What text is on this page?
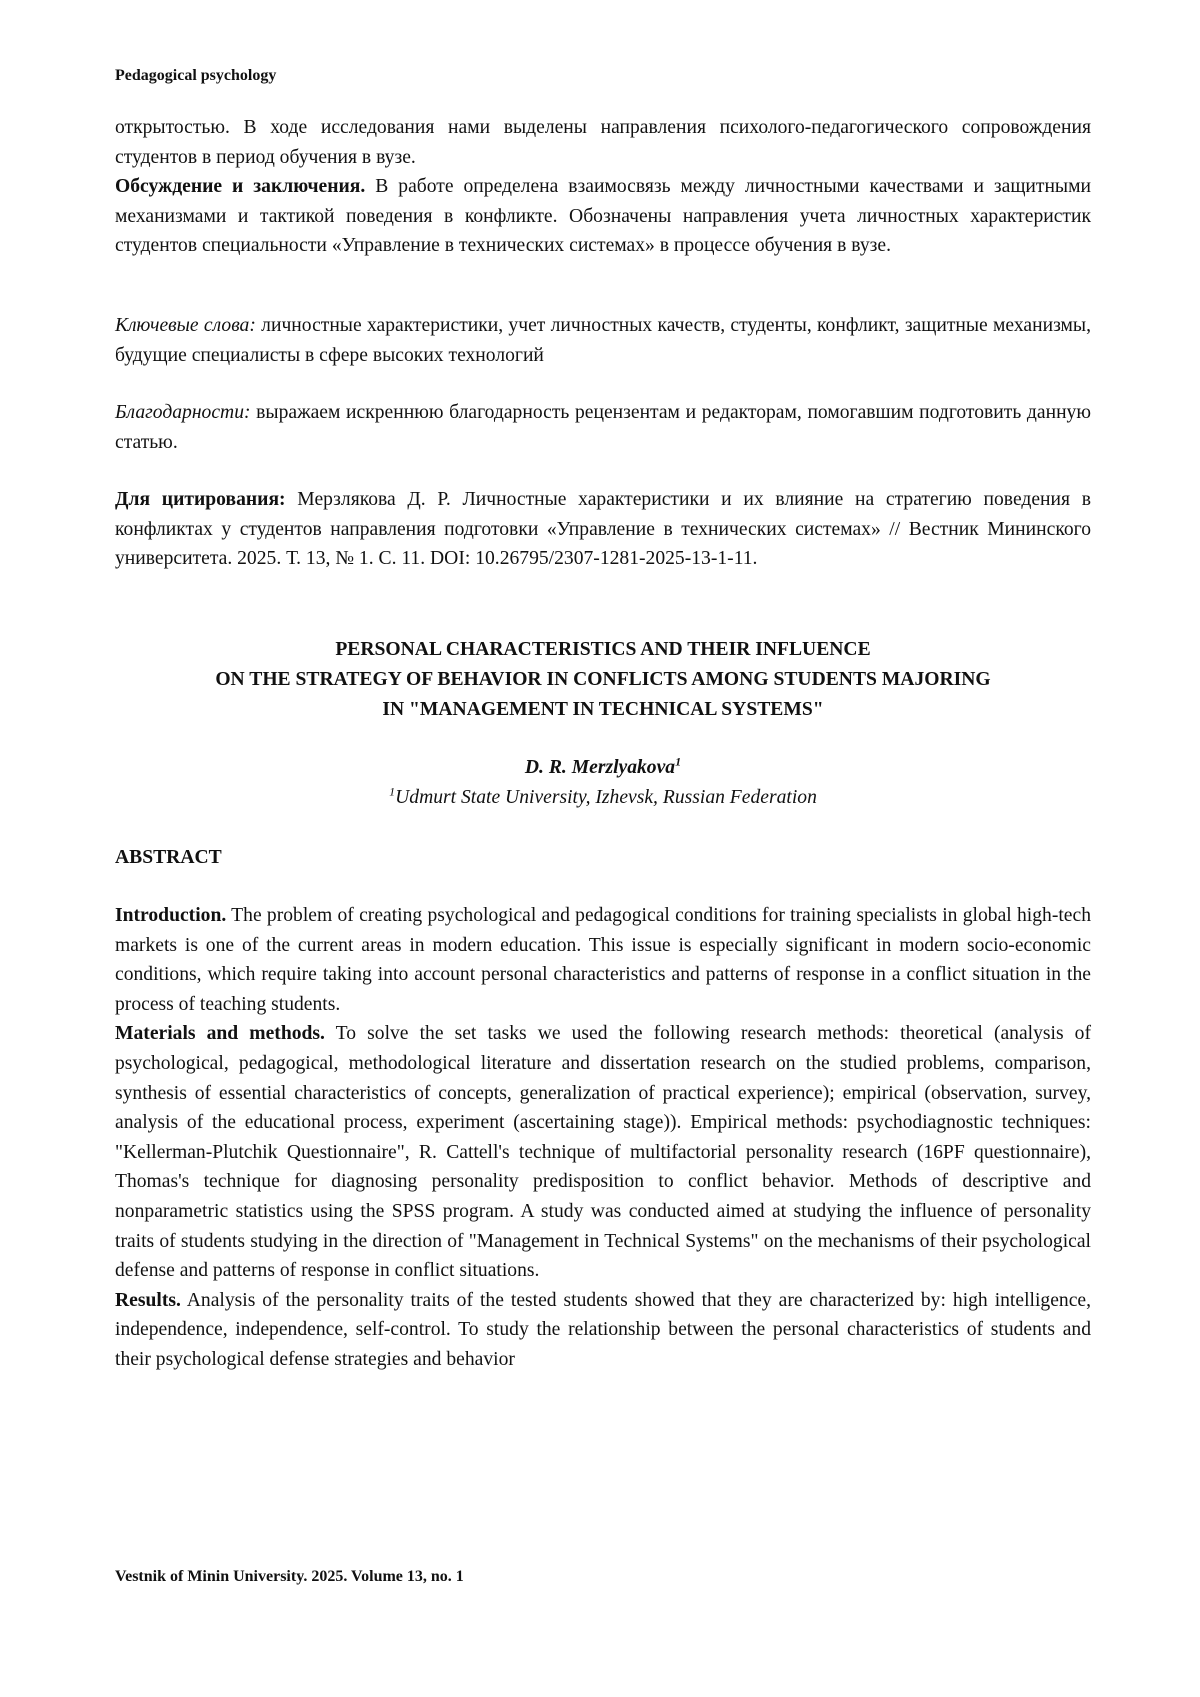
Pedagogical psychology

открытостью. В ходе исследования нами выделены направления психолого-педагогического сопровождения студентов в период обучения в вузе.

Обсуждение и заключения. В работе определена взаимосвязь между личностными качествами и защитными механизмами и тактикой поведения в конфликте. Обозначены направления учета личностных характеристик студентов специальности «Управление в технических системах» в процессе обучения в вузе.

Ключевые слова: личностные характеристики, учет личностных качеств, студенты, конфликт, защитные механизмы, будущие специалисты в сфере высоких технологий
Благодарности: выражаем искреннюю благодарность рецензентам и редакторам, помогавшим подготовить данную статью.
Для цитирования: Мерзлякова Д. Р. Личностные характеристики и их влияние на стратегию поведения в конфликтах у студентов направления подготовки «Управление в технических системах» // Вестник Мининского университета. 2025. Т. 13, № 1. С. 11. DOI: 10.26795/2307-1281-2025-13-1-11.

PERSONAL CHARACTERISTICS AND THEIR INFLUENCE

ON THE STRATEGY OF BEHAVIOR IN CONFLICTS AMONG STUDENTS MAJORING

IN "MANAGEMENT IN TECHNICAL SYSTEMS"

D. R. Merzlyakova1

1Udmurt State University, Izhevsk, Russian Federation

ABSTRACT

Introduction. The problem of creating psychological and pedagogical conditions for training specialists in global high-tech markets is one of the current areas in modern education. This issue is especially significant in modern socio-economic conditions, which require taking into account personal characteristics and patterns of response in a conflict situation in the process of teaching students.

Materials and methods. To solve the set tasks we used the following research methods: theoretical (analysis of psychological, pedagogical, methodological literature and dissertation research on the studied problems, comparison, synthesis of essential characteristics of concepts, generalization of practical experience); empirical (observation, survey, analysis of the educational process, experiment (ascertaining stage)). Empirical methods: psychodiagnostic techniques: "Kellerman-Plutchik Questionnaire", R. Cattell's technique of multifactorial personality research (16PF questionnaire), Thomas's technique for diagnosing personality predisposition to conflict behavior. Methods of descriptive and nonparametric statistics using the SPSS program. A study was conducted aimed at studying the influence of personality traits of students studying in the direction of "Management in Technical Systems" on the mechanisms of their psychological defense and patterns of response in conflict situations.

Results. Analysis of the personality traits of the tested students showed that they are characterized by: high intelligence, independence, independence, self-control. To study the relationship between the personal characteristics of students and their psychological defense strategies and behavior

Vestnik of Minin University. 2025. Volume 13, no. 1
